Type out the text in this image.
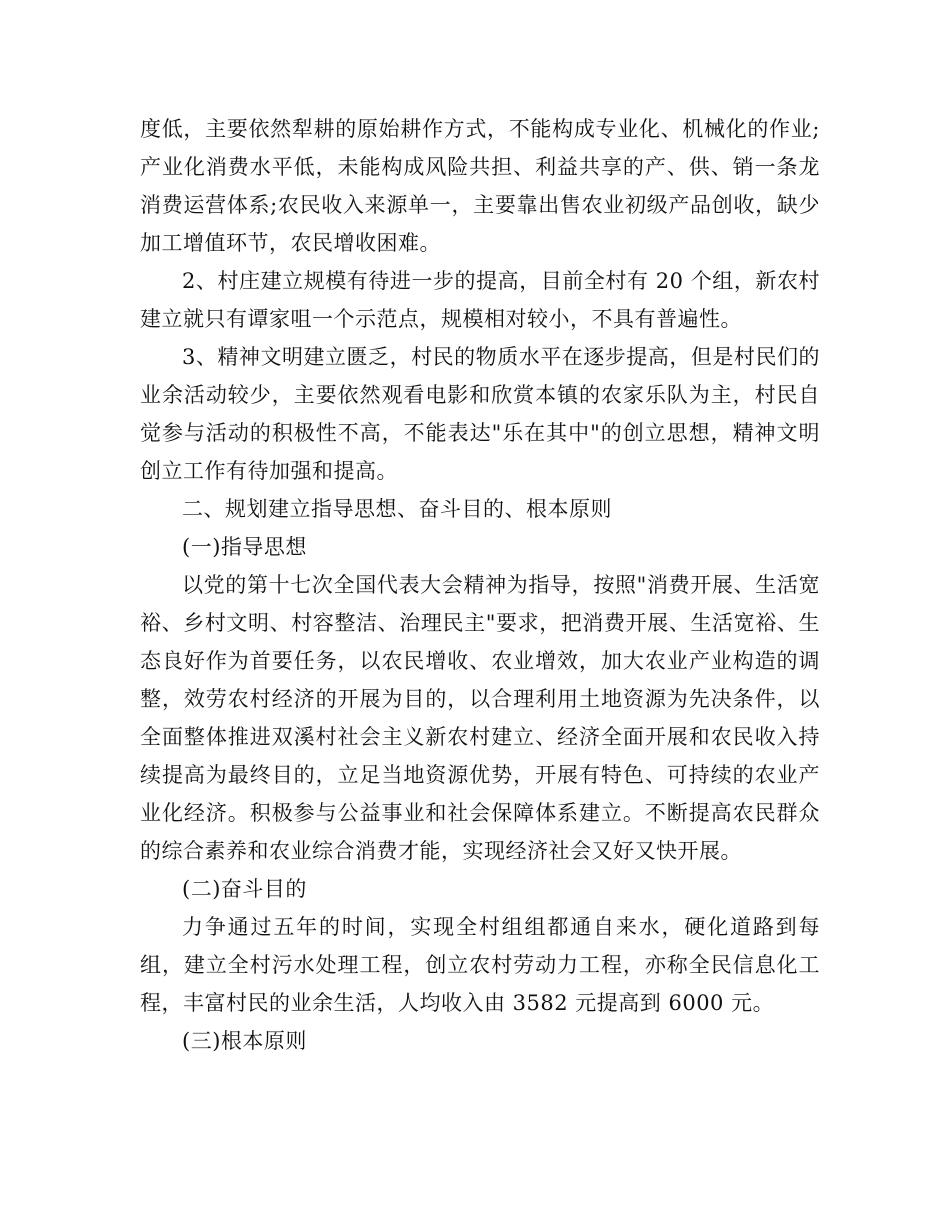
度低，主要依然犁耕的原始耕作方式，不能构成专业化、机械化的作业;产业化消费水平低，未能构成风险共担、利益共享的产、供、销一条龙消费运营体系;农民收入来源单一，主要靠出售农业初级产品创收，缺少加工增值环节，农民增收困难。

2、村庄建立规模有待进一步的提高，目前全村有 20 个组，新农村建立就只有谭家咀一个示范点，规模相对较小，不具有普遍性。

3、精神文明建立匮乏，村民的物质水平在逐步提高，但是村民们的业余活动较少，主要依然观看电影和欣赏本镇的农家乐队为主，村民自觉参与活动的积极性不高，不能表达"乐在其中"的创立思想，精神文明创立工作有待加强和提高。

二、规划建立指导思想、奋斗目的、根本原则

(一)指导思想

以党的第十七次全国代表大会精神为指导，按照"消费开展、生活宽裕、乡村文明、村容整洁、治理民主"要求，把消费开展、生活宽裕、生态良好作为首要任务，以农民增收、农业增效，加大农业产业构造的调整，效劳农村经济的开展为目的，以合理利用土地资源为先决条件，以全面整体推进双溪村社会主义新农村建立、经济全面开展和农民收入持续提高为最终目的，立足当地资源优势，开展有特色、可持续的农业产业化经济。积极参与公益事业和社会保障体系建立。不断提高农民群众的综合素养和农业综合消费才能，实现经济社会又好又快开展。

(二)奋斗目的

力争通过五年的时间，实现全村组组都通自来水，硬化道路到每组，建立全村污水处理工程，创立农村劳动力工程，亦称全民信息化工程，丰富村民的业余生活，人均收入由 3582 元提高到 6000 元。

(三)根本原则
